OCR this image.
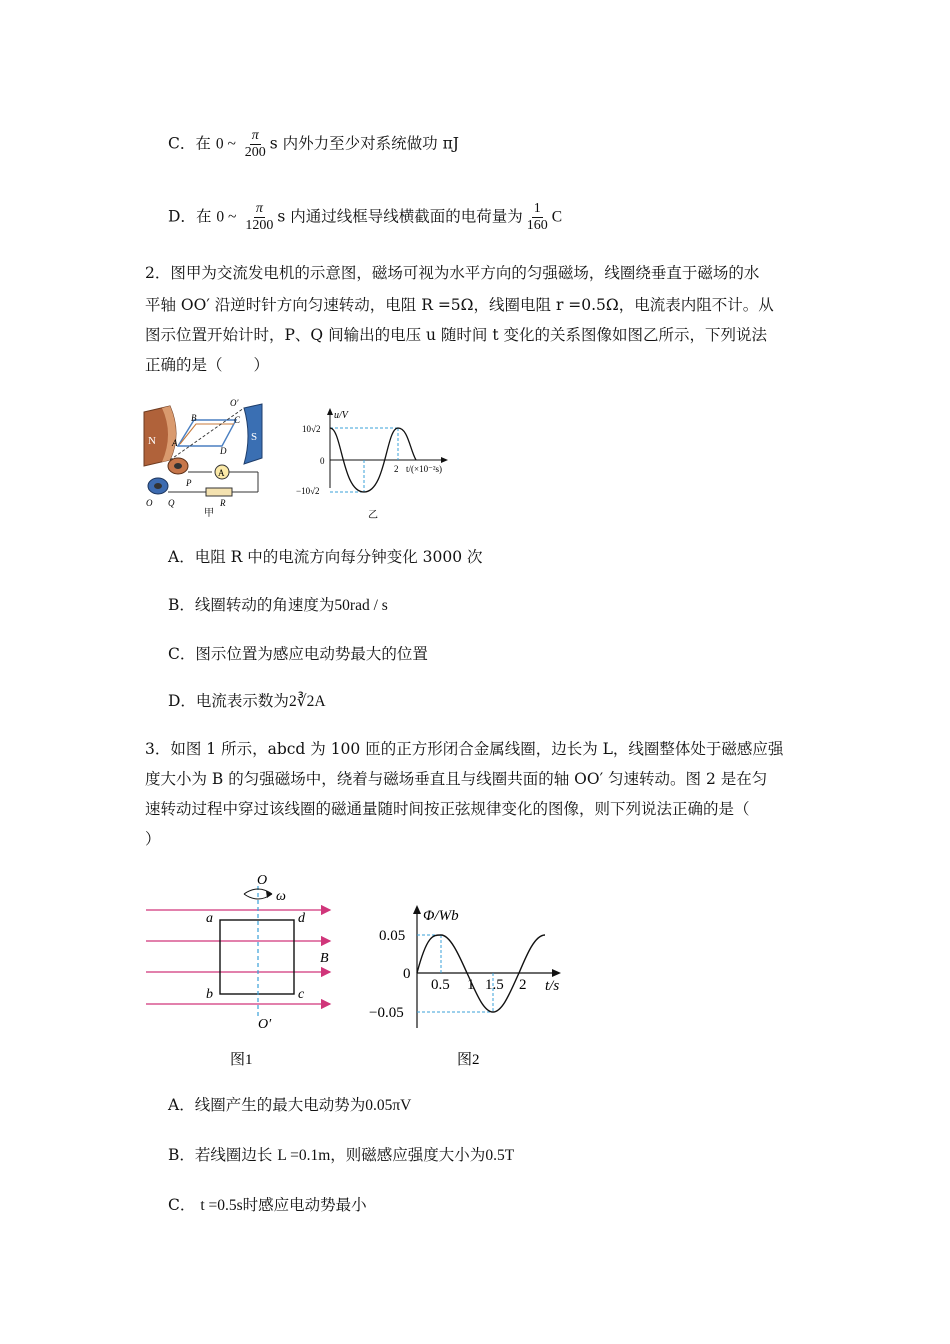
C．在 0 ~ $\frac{\pi}{200}$ s 内外力至少对系统做功 πJ
D．在 0 ~ $\frac{\pi}{1200}$ s 内通过线框导线横截面的电荷量为 $\frac{1}{160}$ C
2．图甲为交流发电机的示意图，磁场可视为水平方向的匀强磁场，线圈绕垂直于磁场的水
平轴 OO′ 沿逆时针方向匀速转动，电阻 R =5Ω，线圈电阻 r =0.5Ω，电流表内阻不计。从
图示位置开始计时，P、Q 间输出的电压 u 随时间 t 变化的关系图像如图乙所示，下列说法
正确的是（　　）
N	S
B	C
A
D
O′
A
P
Q
O	R
甲
u/V
10√2
0
−10√2
2 t/(×10⁻²s)
乙
A．电阻 R 中的电流方向每分钟变化 3000 次
B．线圈转动的角速度为50rad / s
C．图示位置为感应电动势最大的位置
D．电流表示数为2∛2A
3．如图 1 所示，abcd 为 100 匝的正方形闭合金属线圈，边长为 L，线圈整体处于磁感应强
度大小为 B 的匀强磁场中，绕着与磁场垂直且与线圈共面的轴 OO′ 匀速转动。图 2 是在匀
速转动过程中穿过该线圈的磁通量随时间按正弦规律变化的图像，则下列说法正确的是（
）
O
ω
O′
a	d
b	c
B
图1
Φ/Wb
0.05
0
−0.05
0.5 1 1.5 2 t/s
图2
A．线圈产生的最大电动势为0.05πV
B．若线圈边长 L =0.1m，则磁感应强度大小为0.5T
C． t =0.5s时感应电动势最小
